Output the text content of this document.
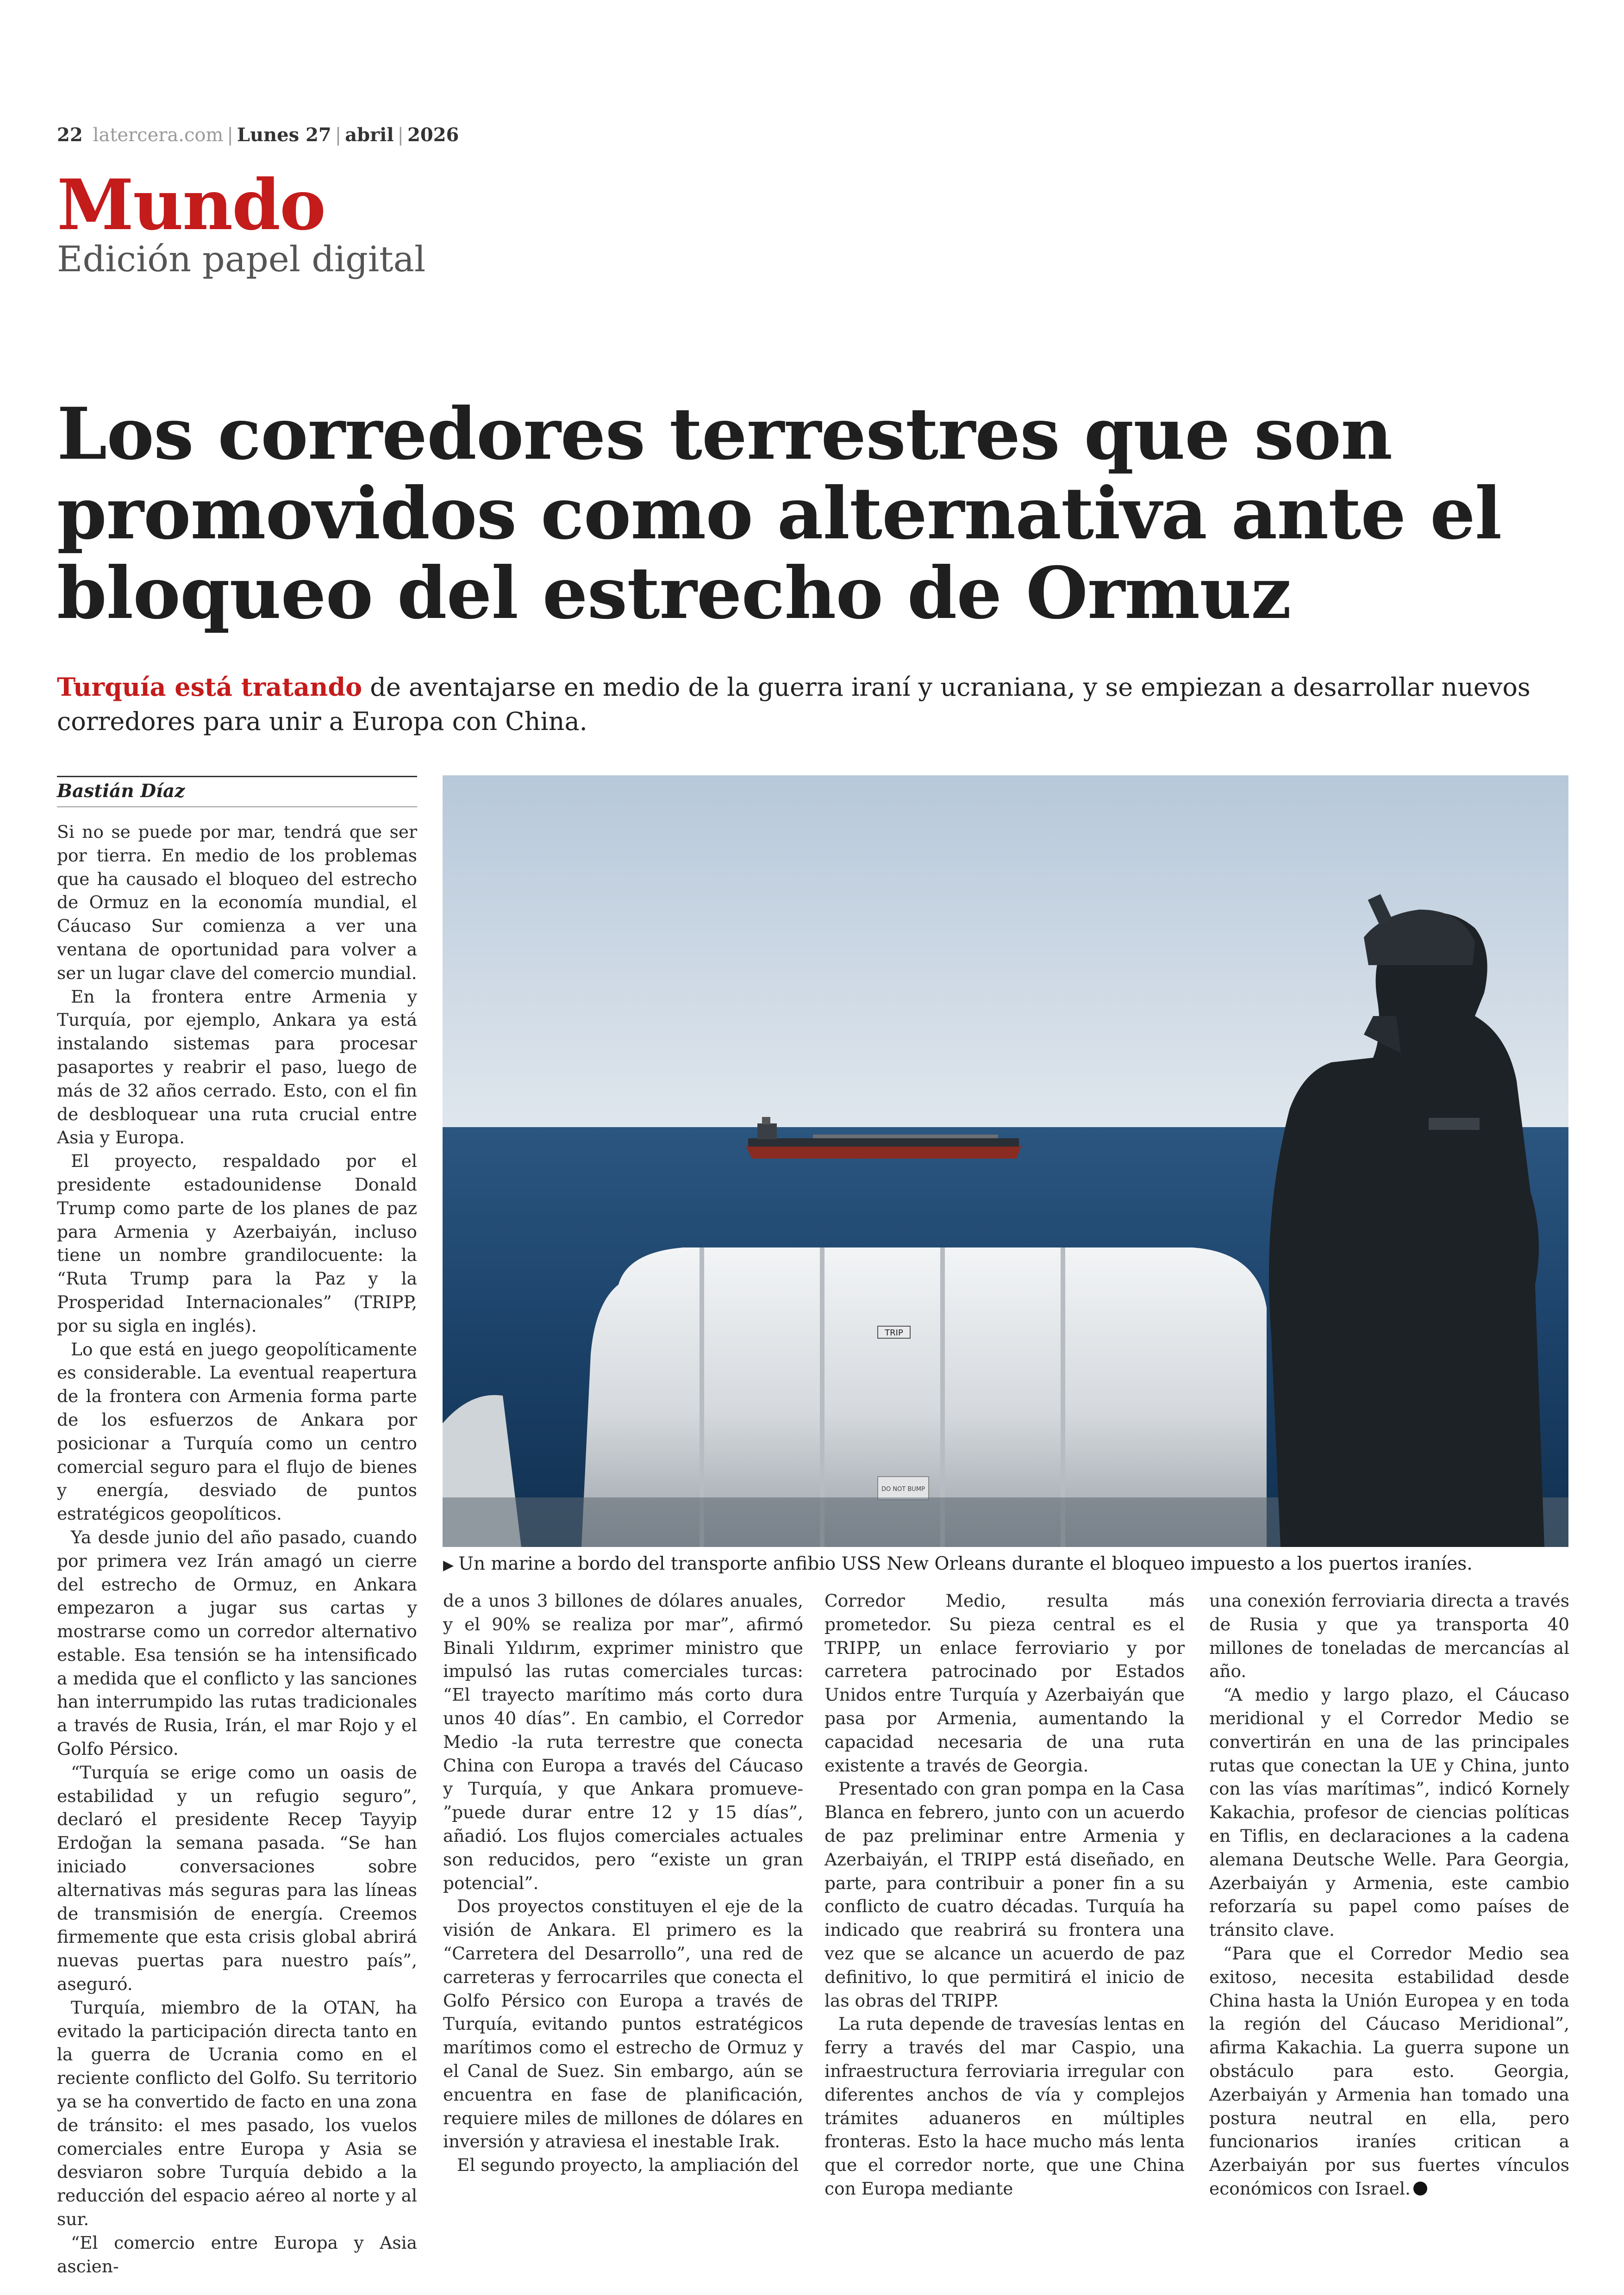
22 latercera.com | Lunes 27 | abril | 2026
Mundo
Edición papel digital
Los corredores terrestres que son promovidos como alternativa ante el bloqueo del estrecho de Ormuz

Turquía está tratando de aventajarse en medio de la guerra iraní y ucraniana, y se empiezan a desarrollar nuevos corredores para unir a Europa con China.

Bastián Díaz

Si no se puede por mar, tendrá que ser por tierra. En medio de los problemas que ha causado el bloqueo del estrecho de Ormuz en la economía mundial, el Cáucaso Sur comienza a ver una ventana de oportunidad para volver a ser un lugar clave del comercio mundial.

En la frontera entre Armenia y Turquía, por ejemplo, Ankara ya está instalando sistemas para procesar pasaportes y reabrir el paso, luego de más de 32 años cerrado. Esto, con el fin de desbloquear una ruta crucial entre Asia y Europa.

El proyecto, respaldado por el presidente estadounidense Donald Trump como parte de los planes de paz para Armenia y Azerbaiyán, incluso tiene un nombre grandilocuente: la “Ruta Trump para la Paz y la Prosperidad Internacionales” (TRIPP, por su sigla en inglés).

Lo que está en juego geopolíticamente es considerable. La eventual reapertura de la frontera con Armenia forma parte de los esfuerzos de Ankara por posicionar a Turquía como un centro comercial seguro para el flujo de bienes y energía, desviado de puntos estratégicos geopolíticos.

Ya desde junio del año pasado, cuando por primera vez Irán amagó un cierre del estrecho de Ormuz, en Ankara empezaron a jugar sus cartas y mostrarse como un corredor alternativo estable. Esa tensión se ha intensificado a medida que el conflicto y las sanciones han interrumpido las rutas tradicionales a través de Rusia, Irán, el mar Rojo y el Golfo Pérsico.

“Turquía se erige como un oasis de estabilidad y un refugio seguro”, declaró el presidente Recep Tayyip Erdoğan la semana pasada. “Se han iniciado conversaciones sobre alternativas más seguras para las líneas de transmisión de energía. Creemos firmemente que esta crisis global abrirá nuevas puertas para nuestro país”, aseguró.

Turquía, miembro de la OTAN, ha evitado la participación directa tanto en la guerra de Ucrania como en el reciente conflicto del Golfo. Su territorio ya se ha convertido de facto en una zona de tránsito: el mes pasado, los vuelos comerciales entre Europa y Asia se desviaron sobre Turquía debido a la reducción del espacio aéreo al norte y al sur.

“El comercio entre Europa y Asia ascien-

TRIP
DO NOT BUMP
▶ Un marine a bordo del transporte anfibio USS New Orleans durante el bloqueo impuesto a los puertos iraníes.

de a unos 3 billones de dólares anuales, y el 90% se realiza por mar”, afirmó Binali Yıldırım, exprimer ministro que impulsó las rutas comerciales turcas: “El trayecto marítimo más corto dura unos 40 días”. En cambio, el Corredor Medio -la ruta terrestre que conecta China con Europa a través del Cáucaso y Turquía, y que Ankara promueve- ”puede durar entre 12 y 15 días”, añadió. Los flujos comerciales actuales son reducidos, pero “existe un gran potencial”.

Dos proyectos constituyen el eje de la visión de Ankara. El primero es la “Carretera del Desarrollo”, una red de carreteras y ferrocarriles que conecta el Golfo Pérsico con Europa a través de Turquía, evitando puntos estratégicos marítimos como el estrecho de Ormuz y el Canal de Suez. Sin embargo, aún se encuentra en fase de planificación, requiere miles de millones de dólares en inversión y atraviesa el inestable Irak.

El segundo proyecto, la ampliación del

Corredor Medio, resulta más prometedor. Su pieza central es el TRIPP, un enlace ferroviario y por carretera patrocinado por Estados Unidos entre Turquía y Azerbaiyán que pasa por Armenia, aumentando la capacidad necesaria de una ruta existente a través de Georgia.

Presentado con gran pompa en la Casa Blanca en febrero, junto con un acuerdo de paz preliminar entre Armenia y Azerbaiyán, el TRIPP está diseñado, en parte, para contribuir a poner fin a su conflicto de cuatro décadas. Turquía ha indicado que reabrirá su frontera una vez que se alcance un acuerdo de paz definitivo, lo que permitirá el inicio de las obras del TRIPP.

La ruta depende de travesías lentas en ferry a través del mar Caspio, una infraestructura ferroviaria irregular con diferentes anchos de vía y complejos trámites aduaneros en múltiples fronteras. Esto la hace mucho más lenta que el corredor norte, que une China con Europa mediante

una conexión ferroviaria directa a través de Rusia y que ya transporta 40 millones de toneladas de mercancías al año.

“A medio y largo plazo, el Cáucaso meridional y el Corredor Medio se convertirán en una de las principales rutas que conectan la UE y China, junto con las vías marítimas”, indicó Kornely Kakachia, profesor de ciencias políticas en Tiflis, en declaraciones a la cadena alemana Deutsche Welle. Para Georgia, Azerbaiyán y Armenia, este cambio reforzaría su papel como países de tránsito clave.

“Para que el Corredor Medio sea exitoso, necesita estabilidad desde China hasta la Unión Europea y en toda la región del Cáucaso Meridional”, afirma Kakachia. La guerra supone un obstáculo para esto. Georgia, Azerbaiyán y Armenia han tomado una postura neutral en ella, pero funcionarios iraníes critican a Azerbaiyán por sus fuertes vínculos económicos con Israel.
